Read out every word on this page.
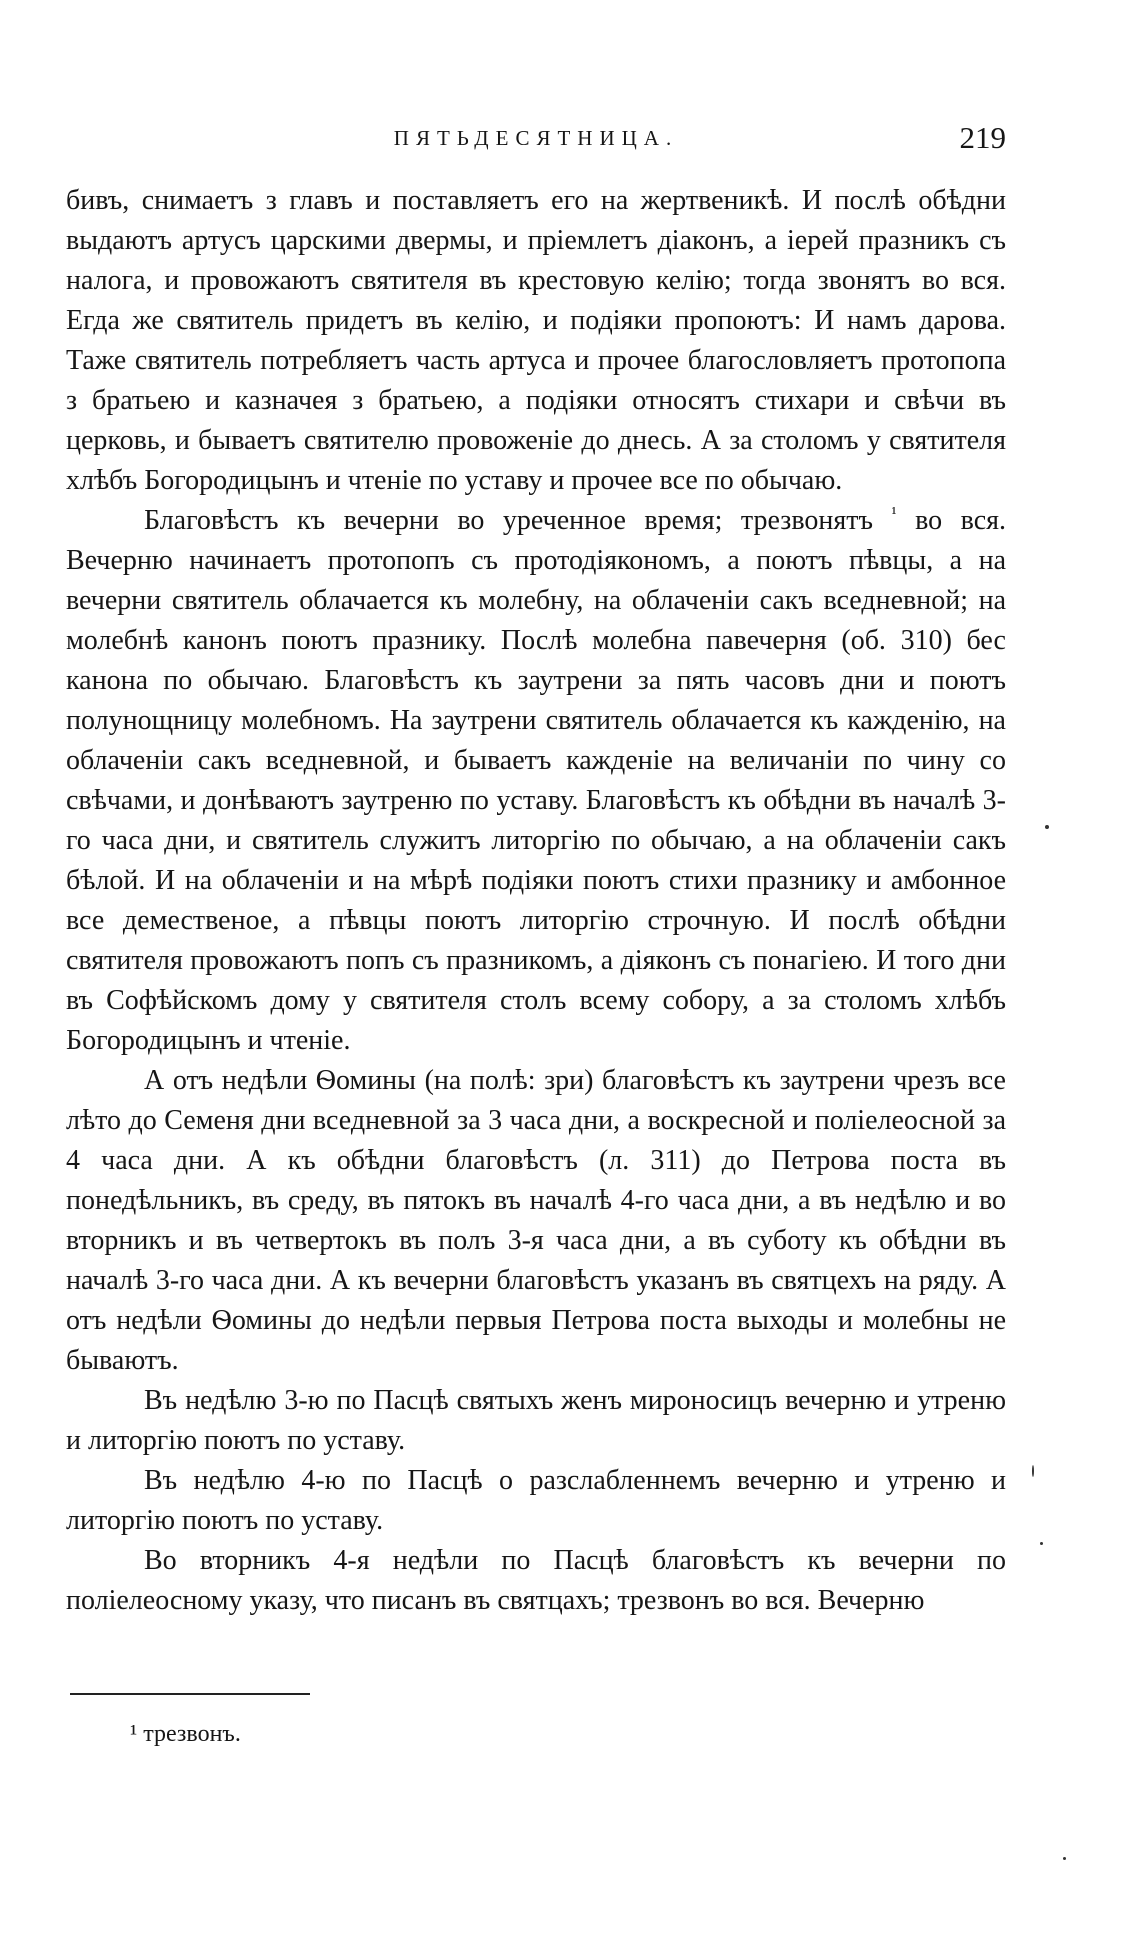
ПЯТЬДЕСЯТНИЦА.	219

бивъ, снимаетъ з главъ и поставляетъ его на жертвеникѣ. И послѣ обѣдни выдаютъ артусъ царскими двермы, и пріемлетъ діаконъ, а іерей празникъ съ налога, и провожаютъ святителя въ крестовую келію; тогда звонятъ во вся. Егда же святитель придетъ въ келію, и подіяки пропоютъ: И намъ дарова. Таже святитель потребляетъ часть артуса и прочее благословляетъ протопопа з братьею и казначея з братьею, а подіяки относятъ стихари и свѣчи въ церковь, и бываетъ святителю провоженіе до днесь. А за столомъ у святителя хлѣбъ Богородицынъ и чтеніе по уставу и прочее все по обычаю.

Благовѣстъ къ вечерни во уреченное время; трезвонятъ $^{^1}$ во вся. Вечерню начинаетъ протопопъ съ протодіякономъ, а поютъ пѣвцы, а на вечерни святитель облачается къ молебну, на облаченіи сакъ вседневной; на молебнѣ канонъ поютъ празнику. Послѣ молебна павечерня (об. 310) бес канона по обычаю. Благовѣстъ къ заутрени за пять часовъ дни и поютъ полунощницу молебномъ. На заутрени святитель облачается къ кажденію, на облаченіи сакъ вседневной, и бываетъ кажденіе на величаніи по чину со свѣчами, и донѣваютъ заутреню по уставу. Благовѣстъ къ обѣдни въ началѣ 3-го часа дни, и святитель служитъ литоргію по обычаю, а на облаченіи сакъ бѣлой. И на облаченіи и на мѣрѣ подіяки поютъ стихи празнику и амбонное все демественое, а пѣвцы поютъ литоргію строчную. И послѣ обѣдни святителя провожаютъ попъ съ празникомъ, а діяконъ съ понагіею. И того дни въ Софѣйскомъ дому у святителя столъ всему собору, а за столомъ хлѣбъ Богородицынъ и чтеніе.

А отъ недѣли Ѳомины (на полѣ: зри) благовѣстъ къ заутрени чрезъ все лѣто до Семеня дни вседневной за 3 часа дни, а воскресной и поліелеосной за 4 часа дни. А къ обѣдни благовѣстъ (л. 311) до Петрова поста въ понедѣльникъ, въ среду, въ пятокъ въ началѣ 4-го часа дни, а въ недѣлю и во вторникъ и въ четвертокъ въ полъ 3-я часа дни, а въ суботу къ обѣдни въ началѣ 3-го часа дни. А къ вечерни благовѣстъ указанъ въ святцехъ на ряду. А отъ недѣли Ѳомины до недѣли первыя Петрова поста выходы и молебны не бываютъ.

Въ недѣлю 3-ю по Пасцѣ святыхъ женъ мироносицъ вечерню и утреню и литоргію поютъ по уставу.

Въ недѣлю 4-ю по Пасцѣ о разслабленнемъ вечерню и утреню и литоргію поютъ по уставу.

Во вторникъ 4-я недѣли по Пасцѣ благовѣстъ къ вечерни по поліелеосному указу, что писанъ въ святцахъ; трезвонъ во вся. Вечерню

¹ трезвонъ.
